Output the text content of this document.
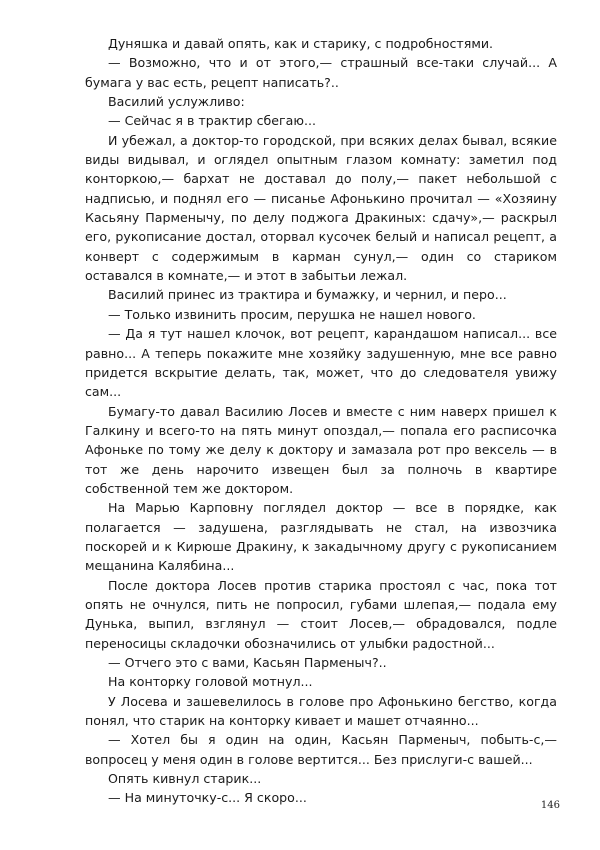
Дуняшка и давай опять, как и старику, с подробностями.

— Возможно, что и от этого,— страшный все-таки случай... А бумага у вас есть, рецепт написать?..

Василий услужливо:

— Сейчас я в трактир сбегаю...

И убежал, а доктор-то городской, при всяких делах бывал, всякие виды видывал, и оглядел опытным глазом комнату: заметил под конторкою,— бархат не доставал до полу,— пакет небольшой с надписью, и поднял его — писанье Афонькино прочитал — «Хозяину Касьяну Парменычу, по делу поджога Дракиных: сдачу»,— раскрыл его, рукописание достал, оторвал кусочек белый и написал рецепт, а конверт с содержимым в карман сунул,— один со стариком оставался в комнате,— и этот в забытьи лежал.

Василий принес из трактира и бумажку, и чернил, и перо...

— Только извинить просим, перушка не нашел нового.

— Да я тут нашел клочок, вот рецепт, карандашом написал... все равно... А теперь покажите мне хозяйку задушенную, мне все равно придется вскрытие делать, так, может, что до следователя увижу сам...

Бумагу-то давал Василию Лосев и вместе с ним наверх пришел к Галкину и всего-то на пять минут опоздал,— попала его расписочка Афоньке по тому же делу к доктору и замазала рот про вексель — в тот же день нарочито извещен был за полночь в квартире собственной тем же доктором.

На Марью Карповну поглядел доктор — все в порядке, как полагается — задушена, разглядывать не стал, на извозчика поскорей и к Кирюше Дракину, к закадычному другу с рукописанием мещанина Калябина...

После доктора Лосев против старика простоял с час, пока тот опять не очнулся, пить не попросил, губами шлепая,— подала ему Дунька, выпил, взглянул — стоит Лосев,— обрадовался, подле переносицы складочки обозначились от улыбки радостной...

— Отчего это с вами, Касьян Парменыч?..

На конторку головой мотнул...

У Лосева и зашевелилось в голове про Афонькино бегство, когда понял, что старик на конторку кивает и машет отчаянно...

— Хотел бы я один на один, Касьян Парменыч, побыть-с,— вопросец у меня один в голове вертится... Без прислуги-с вашей...

Опять кивнул старик...

— На минуточку-с... Я скоро...

146
